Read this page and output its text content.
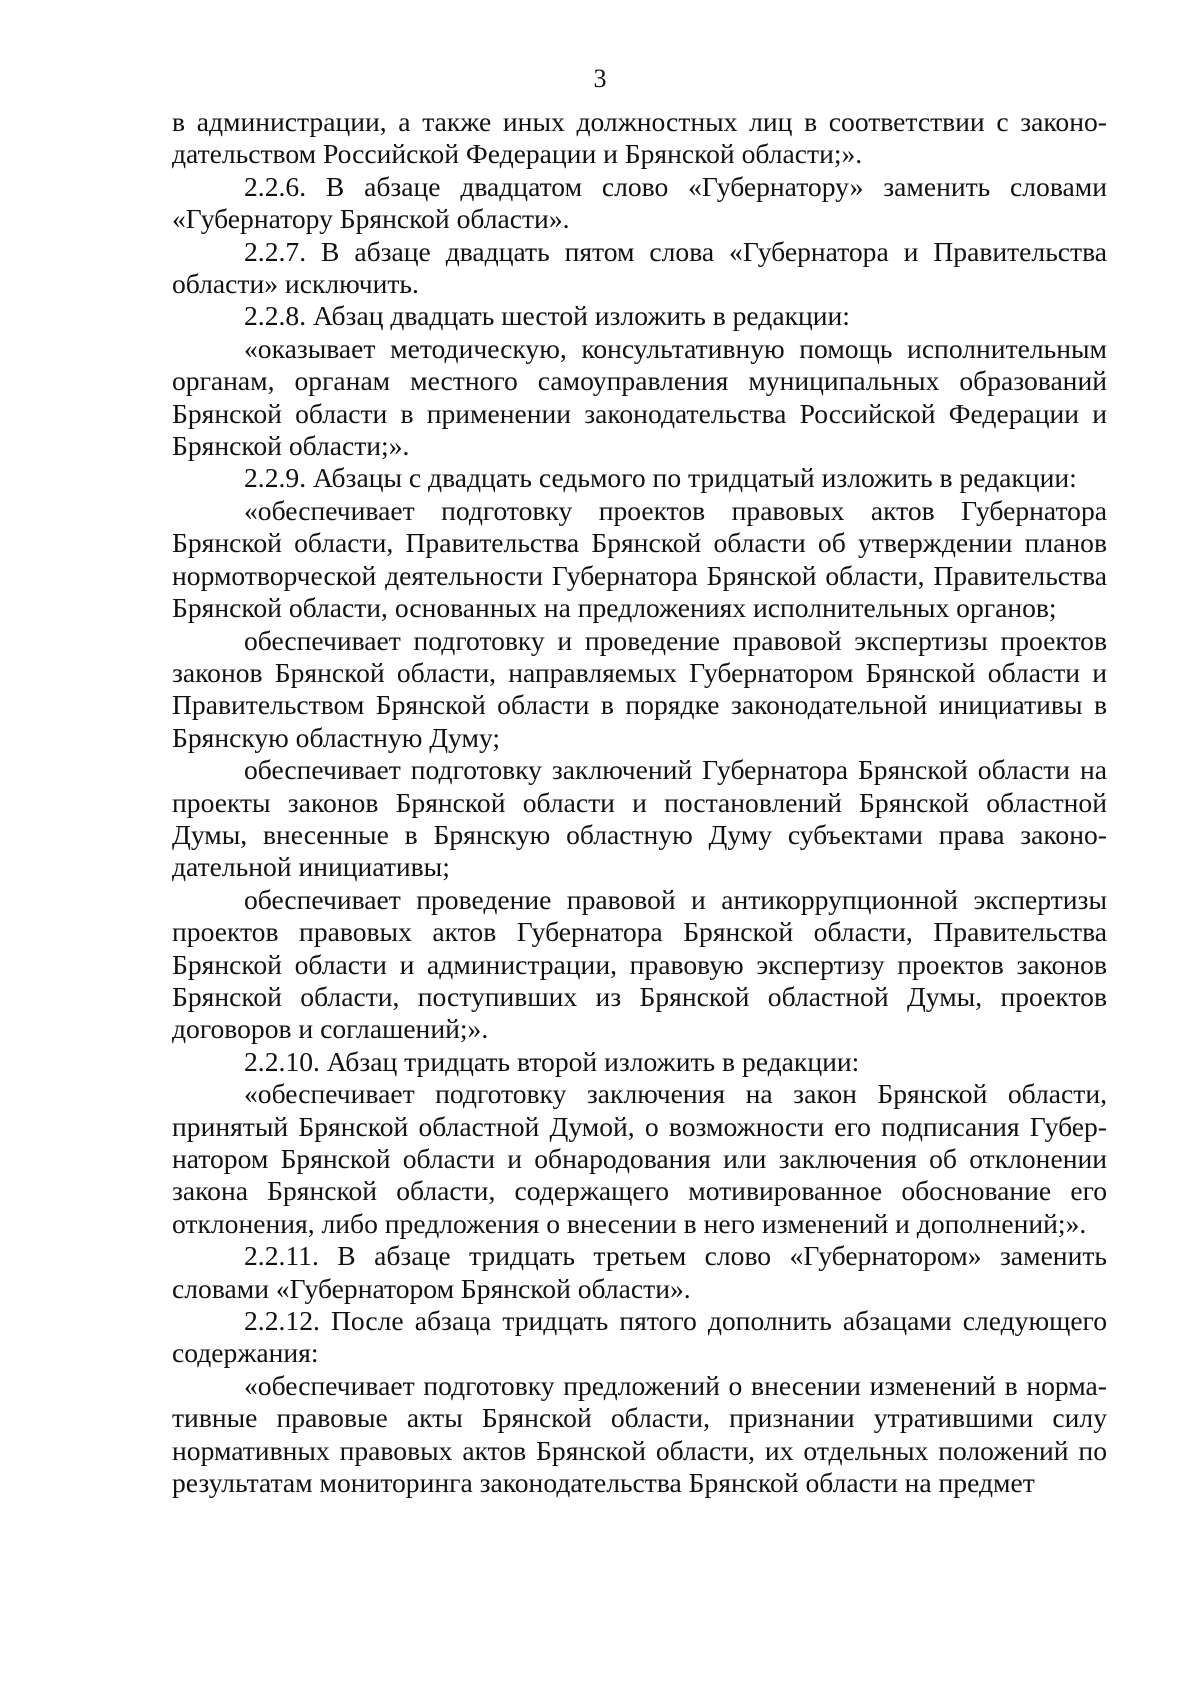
3

в администрации, а также иных должностных лиц в соответствии с законодательством Российской Федерации и Брянской области;».

2.2.6. В абзаце двадцатом слово «Губернатору» заменить словами «Губернатору Брянской области».

2.2.7. В абзаце двадцать пятом слова «Губернатора и Правительства области» исключить.

2.2.8. Абзац двадцать шестой изложить в редакции:

«оказывает методическую, консультативную помощь исполнительным органам, органам местного самоуправления муниципальных образований Брянской области в применении законодательства Российской Федерации и Брянской области;».

2.2.9. Абзацы с двадцать седьмого по тридцатый изложить в редакции:

«обеспечивает подготовку проектов правовых актов Губернатора Брянской области, Правительства Брянской области об утверждении планов нормотворческой деятельности Губернатора Брянской области, Правительства Брянской области, основанных на предложениях исполнительных органов;

обеспечивает подготовку и проведение правовой экспертизы проектов законов Брянской области, направляемых Губернатором Брянской области и Правительством Брянской области в порядке законодательной инициативы в Брянскую областную Думу;

обеспечивает подготовку заключений Губернатора Брянской области на проекты законов Брянской области и постановлений Брянской областной Думы, внесенные в Брянскую областную Думу субъектами права законодательной инициативы;

обеспечивает проведение правовой и антикоррупционной экспертизы проектов правовых актов Губернатора Брянской области, Правительства Брянской области и администрации, правовую экспертизу проектов законов Брянской области, поступивших из Брянской областной Думы, проектов договоров и соглашений;».

2.2.10. Абзац тридцать второй изложить в редакции:

«обеспечивает подготовку заключения на закон Брянской области, принятый Брянской областной Думой, о возможности его подписания Губернатором Брянской области и обнародования или заключения об отклонении закона Брянской области, содержащего мотивированное обоснование его отклонения, либо предложения о внесении в него изменений и дополнений;».

2.2.11. В абзаце тридцать третьем слово «Губернатором» заменить словами «Губернатором Брянской области».

2.2.12. После абзаца тридцать пятого дополнить абзацами следующего содержания:

«обеспечивает подготовку предложений о внесении изменений в нормативные правовые акты Брянской области, признании утратившими силу нормативных правовых актов Брянской области, их отдельных положений по результатам мониторинга законодательства Брянской области на предмет
